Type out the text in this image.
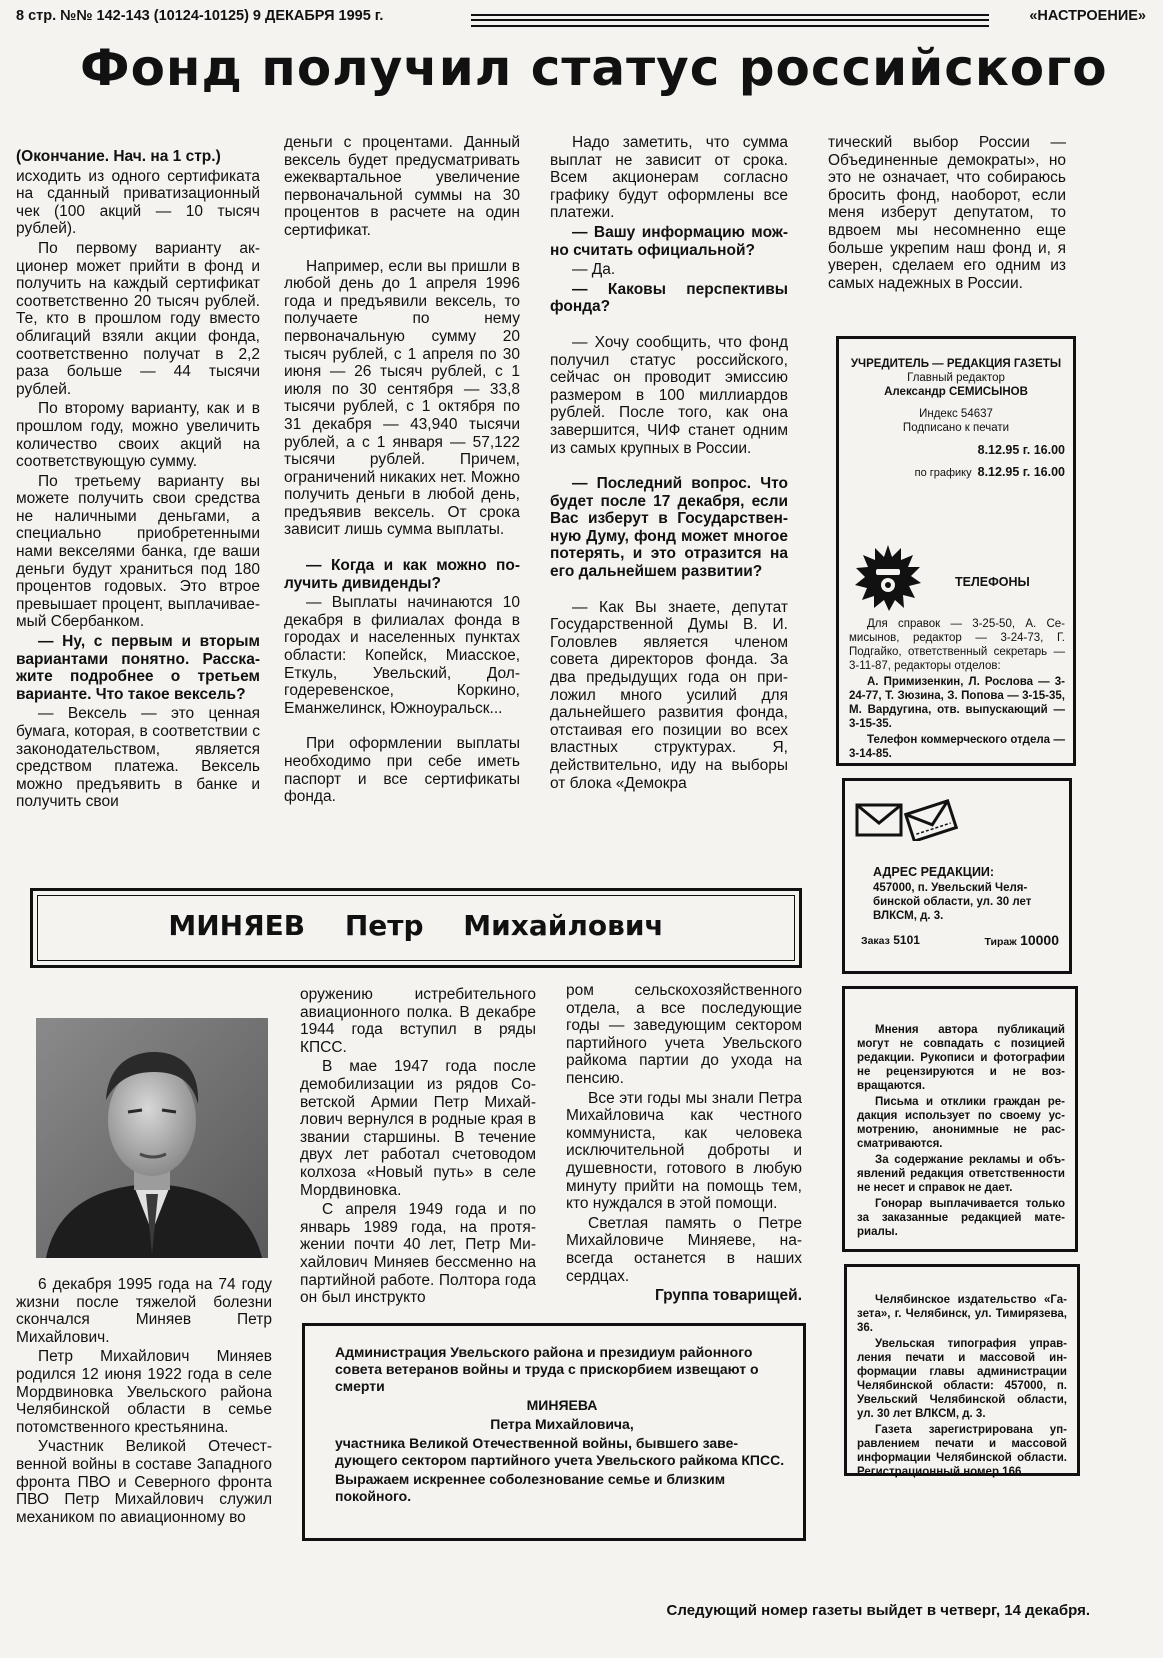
8 стр. №№ 142-143 (10124-10125) 9 ДЕКАБРЯ 1995 г.	«НАСТРОЕНИЕ»
Фонд получил статус российского

(Окончание. Нач. на 1 стр.)

исходить из одного сертификата на сданный приватизационный чек (100 акций — 10 тысяч рублей).

По первому варианту акционер может прийти в фонд и получить на каждый сертификат соответственно 20 тысяч рублей. Те, кто в прошлом году вместо облигаций взяли акции фонда, соответственно получат в 2,2 раза больше — 44 тысячи рублей.

По второму варианту, как и в прошлом году, можно увеличить количество своих акций на соответствующую сумму.

По третьему варианту вы можете получить свои средства не наличными деньгами, а специально приобретенными нами векселями банка, где ваши деньги будут храниться под 180 процентов годовых. Это втрое превышает процент, выплачиваемый Сбербанком.

— Ну, с первым и вторым вариантами понятно. Расскажите подробнее о третьем варианте. Что такое вексель?

— Вексель — это ценная бумага, которая, в соответствии с законодательством, является средством платежа. Вексель можно предъявить в банке и получить свои

деньги с процентами. Данный вексель будет предусматривать ежеквартальное увеличение первоначальной суммы на 30 процентов в расчете на один сертификат.

Например, если вы пришли в любой день до 1 апреля 1996 года и предъявили вексель, то получаете по нему первоначальную сумму 20 тысяч рублей, с 1 апреля по 30 июня — 26 тысяч рублей, с 1 июля по 30 сентября — 33,8 тысячи рублей, с 1 октября по 31 декабря — 43,940 тысячи рублей, а с 1 января — 57,122 тысячи рублей. Причем, ограничений никаких нет. Можно получить деньги в любой день, предъявив вексель. От срока зависит лишь сумма выплаты.

— Когда и как можно получить дивиденды?

— Выплаты начинаются 10 декабря в филиалах фонда в городах и населенных пунктах области: Копейск, Миасское, Еткуль, Увельский, Долгодеревенское, Коркино, Еманжелинск, Южноуральск...

При оформлении выплаты необходимо при себе иметь паспорт и все сертификаты фонда.

Надо заметить, что сумма выплат не зависит от срока. Всем акционерам согласно графику будут оформлены все платежи.

— Вашу информацию можно считать официальной?

— Да.

— Каковы перспективы фонда?

— Хочу сообщить, что фонд получил статус российского, сейчас он проводит эмиссию размером в 100 миллиардов рублей. После того, как она завершится, ЧИФ станет одним из самых крупных в России.

— Последний вопрос. Что будет после 17 декабря, если Вас изберут в Государственную Думу, фонд может многое потерять, и это отразится на его дальнейшем развитии?

— Как Вы знаете, депутат Государственной Думы В. И. Головлев является членом совета директоров фонда. За два предыдущих года он приложил много усилий для дальнейшего развития фонда, отстаивая его позиции во всех властных структурах. Я, действительно, иду на выборы от блока «Демокра

тический выбор России — Объединенные демократы», но это не означает, что собираюсь бросить фонд, наоборот, если меня изберут депутатом, то вдвоем мы несомненно еще больше укрепим наш фонд и, я уверен, сделаем его одним из самых надежных в России.

УЧРЕДИТЕЛЬ — РЕДАКЦИЯ ГАЗЕТЫ
Главный редактор
Александр СЕМИСЫНОВ
Индекс 54637
Подписано к печати
8.12.95 г. 16.00
по графику 8.12.95 г. 16.00
ТЕЛЕФОНЫ

Для справок — 3-25-50, А. Семисынов, редактор — 3-24-73, Г. Подгайко, ответственный секретарь — 3-11-87, редакторы отделов:

А. Примизенкин, Л. Рослова — 3-24-77, Т. Зюзина, З. Попова — 3-15-35, М. Вардугина, отв. выпускающий — 3-15-35.

Телефон коммерческого отдела — 3-14-85.

АДРЕС РЕДАКЦИИ:
457000, п. Увельский Челябинской области, ул. 30 лет ВЛКСМ, д. 3.
Заказ 5101	Тираж 10000

Мнения автора публикаций могут не совпадать с позицией редакции. Рукописи и фотографии не рецензируются и не возвращаются.

Письма и отклики граждан редакция использует по своему усмотрению, анонимные не рассматриваются.

За содержание рекламы и объявлений редакция ответственности не несет и справок не дает.

Гонорар выплачивается только за заказанные редакцией материалы.

Челябинское издательство «Газета», г. Челябинск, ул. Тимирязева, 36.

Увельская типография управления печати и массовой информации главы администрации Челябинской области: 457000, п. Увельский Челябинской области, ул. 30 лет ВЛКСМ, д. 3.

Газета зарегистрирована управлением печати и массовой информации Челябинской области. Регистрационный номер 166.

МИНЯЕВ Петр Михайлович

6 декабря 1995 года на 74 году жизни после тяжелой болезни скончался Миняев Петр Михайлович.

Петр Михайлович Миняев родился 12 июня 1922 года в селе Мордвиновка Увельского района Челябинской области в семье потомственного крестьянина.

Участник Великой Отечественной войны в составе Западного фронта ПВО и Северного фронта ПВО Петр Михайлович служил механиком по авиационному во

оружению истребительного авиационного полка. В декабре 1944 года вступил в ряды КПСС.

В мае 1947 года после демобилизации из рядов Советской Армии Петр Михайлович вернулся в родные края в звании старшины. В течение двух лет работал счетоводом колхоза «Новый путь» в селе Мордвиновка.

С апреля 1949 года и по январь 1989 года, на протяжении почти 40 лет, Петр Михайлович Миняев бессменно на партийной работе. Полтора года он был инструкто

ром сельскохозяйственного отдела, а все последующие годы — заведующим сектором партийного учета Увельского райкома партии до ухода на пенсию.

Все эти годы мы знали Петра Михайловича как честного коммуниста, как человека исключительной доброты и душевности, готового в любую минуту прийти на помощь тем, кто нуждался в этой помощи.

Светлая память о Петре Михайловиче Миняеве, навсегда останется в наших сердцах.

Группа товарищей.

Администрация Увельского района и президиум районного совета ветеранов войны и труда с прискорбием извещают о смерти

МИНЯЕВА

Петра Михайловича,

участника Великой Отечественной войны, бывшего заведующего сектором партийного учета Увельского райкома КПСС.

Выражаем искреннее соболезнование семье и близким покойного.

Следующий номер газеты выйдет в четверг, 14 декабря.
